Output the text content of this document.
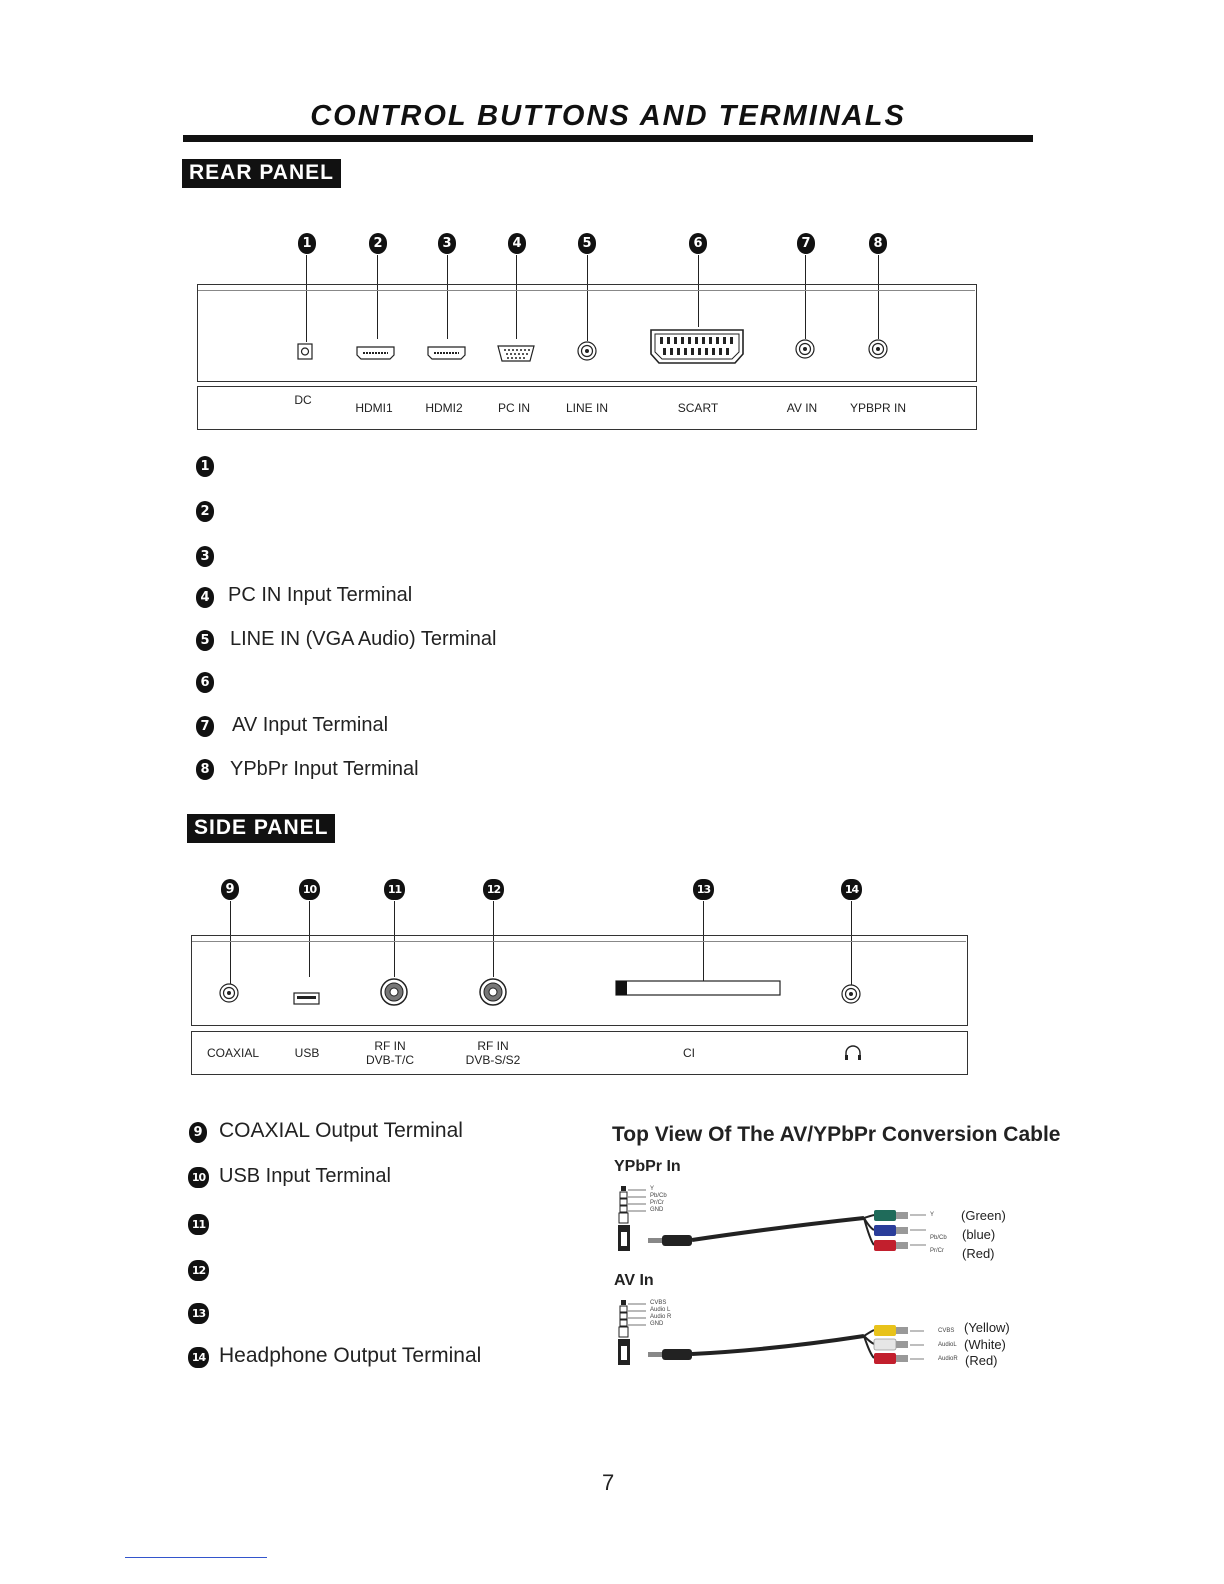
CONTROL BUTTONS AND TERMINALS
REAR PANEL
1	2	3	4	5	6	7	8
DC
HDMI1	HDMI2	PC IN	LINE IN	SCART	AV IN	YPBPR IN
1
2
3
4 PC IN Input Terminal
5 LINE IN (VGA Audio) Terminal
6
7 AV Input Terminal
8 YPbPr Input Terminal
SIDE PANEL
9	10	11	12	13	14
COAXIAL	USB	RF IN
DVB-T/C
RF IN
DVB-S/S2	CI
9 COAXIAL Output Terminal
10 USB Input Terminal
11
12
13
14 Headphone Output Terminal
Top View Of The AV/YPbPr Conversion Cable
YPbPr In
AV In
Y
Pb/Cb
Pr/Cr
GND
Y
Pb/Cb
Pr/Cr
(Green)
(blue)
(Red)
CVBS
Audio L
Audio R
GND
CVBS
AudioL
AudioR
(Yellow)
(White)
(Red)
7
